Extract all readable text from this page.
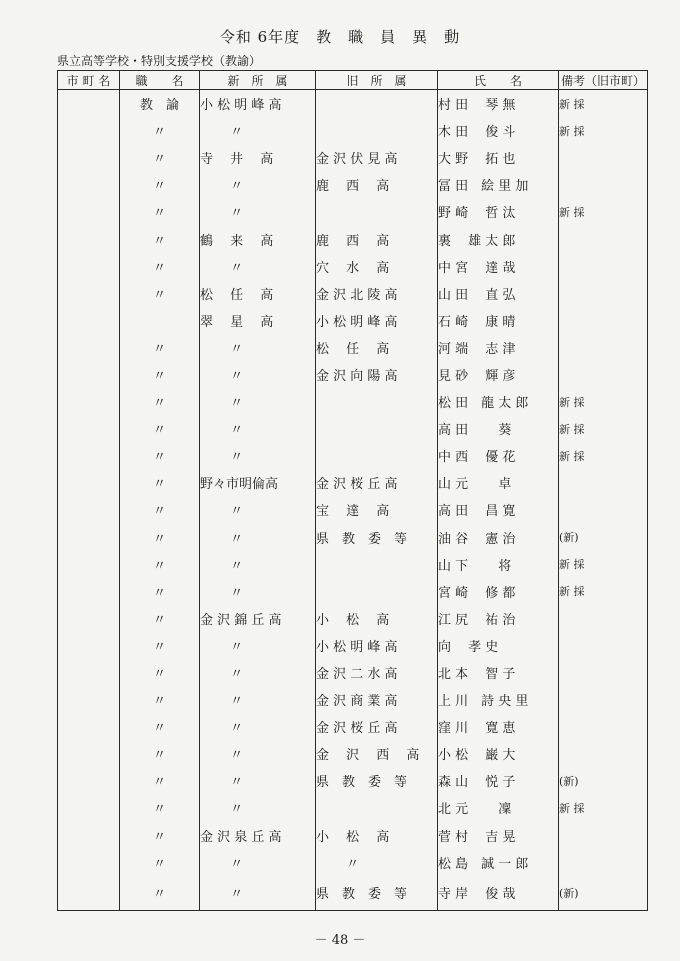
令和 6年度　教　職　員　異　動
県立高等学校・特別支援学校（教諭）
市 町 名	職　　名	新　所　属	旧　所　属	氏　　名	備考（旧市町）
	教　論	小 松 明 峰 高		村 田　 琴 無	新 採
	〃	　　 〃		木 田　 俊 斗	新 採
	〃	寺　 井　 高	金 沢 伏 見 高	大 野　 拓 也	
	〃	　　 〃	鹿　 西　 高	冨 田　絵 里 加	
	〃	　　 〃		野 崎　 哲 汰	新 採
	〃	鶴　 来　 高	鹿　 西　 高	裏　 雄 太 郎	
	〃	　　 〃	穴　 水　 高	中 宮　 達 哉	
	〃	松　 任　 高	金 沢 北 陵 高	山 田　 直 弘	
		翠　 星　 高	小 松 明 峰 高	石 崎　 康 晴	
	〃	　　 〃	松　 任　 高	河 端　 志 津	
	〃	　　 〃	金 沢 向 陽 高	見 砂　 輝 彦	
	〃	　　 〃		松 田　龍 太 郎	新 採
	〃	　　 〃		高 田　　 葵	新 採
	〃	　　 〃		中 西　 優 花	新 採
	〃	野々市明倫高	金 沢 桜 丘 高	山 元　　 卓	
	〃	　　 〃	宝　 達　 高	高 田　 昌 寛	
	〃	　　 〃	県　教　委　等	油 谷　 憲 治	(新)
	〃	　　 〃		山 下　　 将	新 採
	〃	　　 〃		宮 崎　 修 都	新 採
	〃	金 沢 錦 丘 高	小　 松　 高	江 尻　 祐 治	
	〃	　　 〃	小 松 明 峰 高	向　 孝 史	
	〃	　　 〃	金 沢 二 水 高	北 本　 智 子	
	〃	　　 〃	金 沢 商 業 高	上 川　詩 央 里	
	〃	　　 〃	金 沢 桜 丘 高	窪 川　 寛 恵	
	〃	　　 〃	金　 沢　 西　 高	小 松　 巌 大	
	〃	　　 〃	県　教　委　等	森 山　 悦 子	(新)
	〃	　　 〃		北 元　　 凜	新 採
	〃	金 沢 泉 丘 高	小　 松　 高	菅 村　 吉 晃	
	〃	　　 〃	　　 〃	松 島　誠 一 郎	
	〃	　　 〃	県　教　委　等	寺 岸　 俊 哉	(新)
－ 48 －
